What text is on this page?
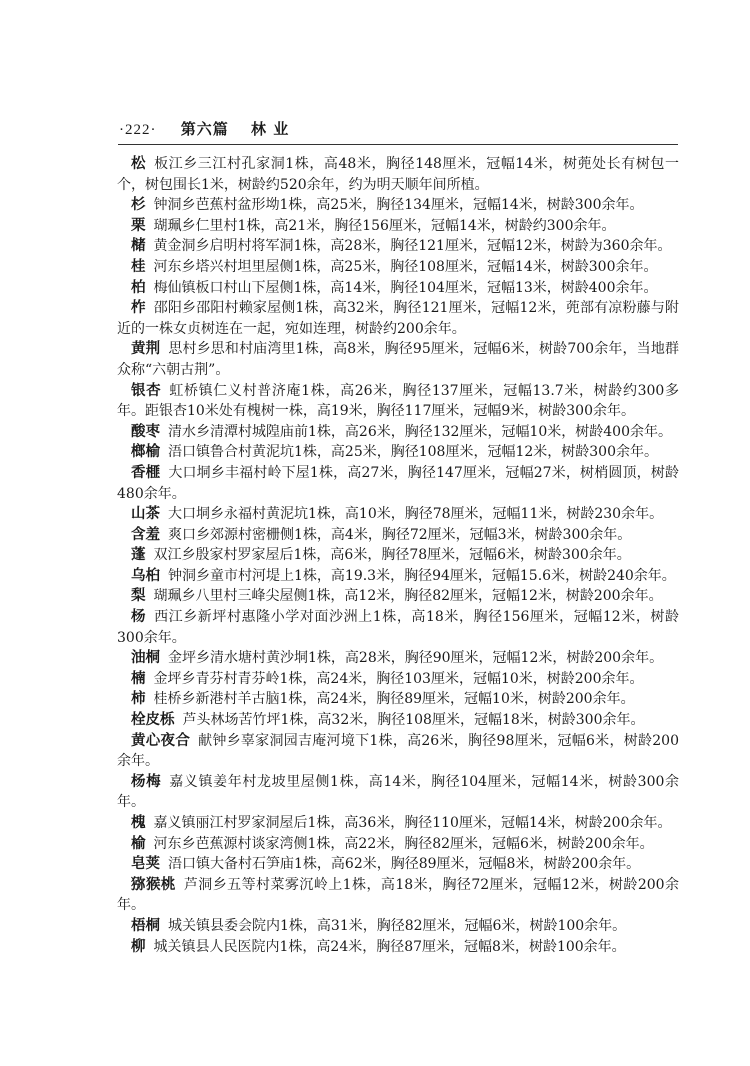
·222· 第六篇 林 业

松 板江乡三江村孔家洞1株，高48米，胸径148厘米，冠幅14米，树蔸处长有树包一个，树包围长1米，树龄约520余年，约为明天顺年间所植。

杉 钟洞乡芭蕉村盆形坳1株，高25米，胸径134厘米，冠幅14米，树龄300余年。

栗 瑚珮乡仁里村1株，高21米，胸径156厘米，冠幅14米，树龄约300余年。

槠 黄金洞乡启明村将军洞1株，高28米，胸径121厘米，冠幅12米，树龄为360余年。

桂 河东乡塔兴村坦里屋侧1株，高25米，胸径108厘米，冠幅14米，树龄300余年。

柏 梅仙镇板口村山下屋侧1株，高14米，胸径104厘米，冠幅13米，树龄400余年。

柞 邵阳乡邵阳村赖家屋侧1株，高32米，胸径121厘米，冠幅12米，蔸部有凉粉藤与附近的一株女贞树连在一起，宛如连理，树龄约200余年。

黄荆 思村乡思和村庙湾里1株，高8米，胸径95厘米，冠幅6米，树龄700余年，当地群众称“六朝古荆”。

银杏 虹桥镇仁义村普济庵1株，高26米，胸径137厘米，冠幅13.7米，树龄约300多年。距银杏10米处有槐树一株，高19米，胸径117厘米，冠幅9米，树龄300余年。

酸枣 清水乡清潭村城隍庙前1株，高26米，胸径132厘米，冠幅10米，树龄400余年。

榔榆 浯口镇鲁合村黄泥坑1株，高25米，胸径108厘米，冠幅12米，树龄300余年。

香榧 大口垌乡丰福村岭下屋1株，高27米，胸径147厘米，冠幅27米，树梢圆顶，树龄480余年。

山茶 大口垌乡永福村黄泥坑1株，高10米，胸径78厘米，冠幅11米，树龄230余年。

含羞 爽口乡郊源村密栅侧1株，高4米，胸径72厘米，冠幅3米，树龄300余年。

蓬 双江乡殷家村罗家屋后1株，高6米，胸径78厘米，冠幅6米，树龄300余年。

乌桕 钟洞乡童市村河堤上1株，高19.3米，胸径94厘米，冠幅15.6米，树龄240余年。

梨 瑚珮乡八里村三峰尖屋侧1株，高12米，胸径82厘米，冠幅12米，树龄200余年。

杨 西江乡新坪村惠隆小学对面沙洲上1株，高18米，胸径156厘米，冠幅12米，树龄300余年。

油桐 金坪乡清水塘村黄沙垌1株，高28米，胸径90厘米，冠幅12米，树龄200余年。

楠 金坪乡青芬村青芬岭1株，高24米，胸径103厘米，冠幅10米，树龄200余年。

柿 桂桥乡新港村羊古脑1株，高24米，胸径89厘米，冠幅10米，树龄200余年。

栓皮栎 芦头林场苦竹坪1株，高32米，胸径108厘米，冠幅18米，树龄300余年。

黄心夜合 献钟乡辜家洞园吉庵河境下1株，高26米，胸径98厘米，冠幅6米，树龄200余年。

杨梅 嘉义镇姜年村龙坡里屋侧1株，高14米，胸径104厘米，冠幅14米，树龄300余年。

槐 嘉义镇丽江村罗家洞屋后1株，高36米，胸径110厘米，冠幅14米，树龄200余年。

榆 河东乡芭蕉源村谈家湾侧1株，高22米，胸径82厘米，冠幅6米，树龄200余年。

皂荚 浯口镇大备村石笋庙1株，高62米，胸径89厘米，冠幅8米，树龄200余年。

猕猴桃 芦洞乡五等村菜雾沉岭上1株，高18米，胸径72厘米，冠幅12米，树龄200余年。

梧桐 城关镇县委会院内1株，高31米，胸径82厘米，冠幅6米，树龄100余年。

柳 城关镇县人民医院内1株，高24米，胸径87厘米，冠幅8米，树龄100余年。
